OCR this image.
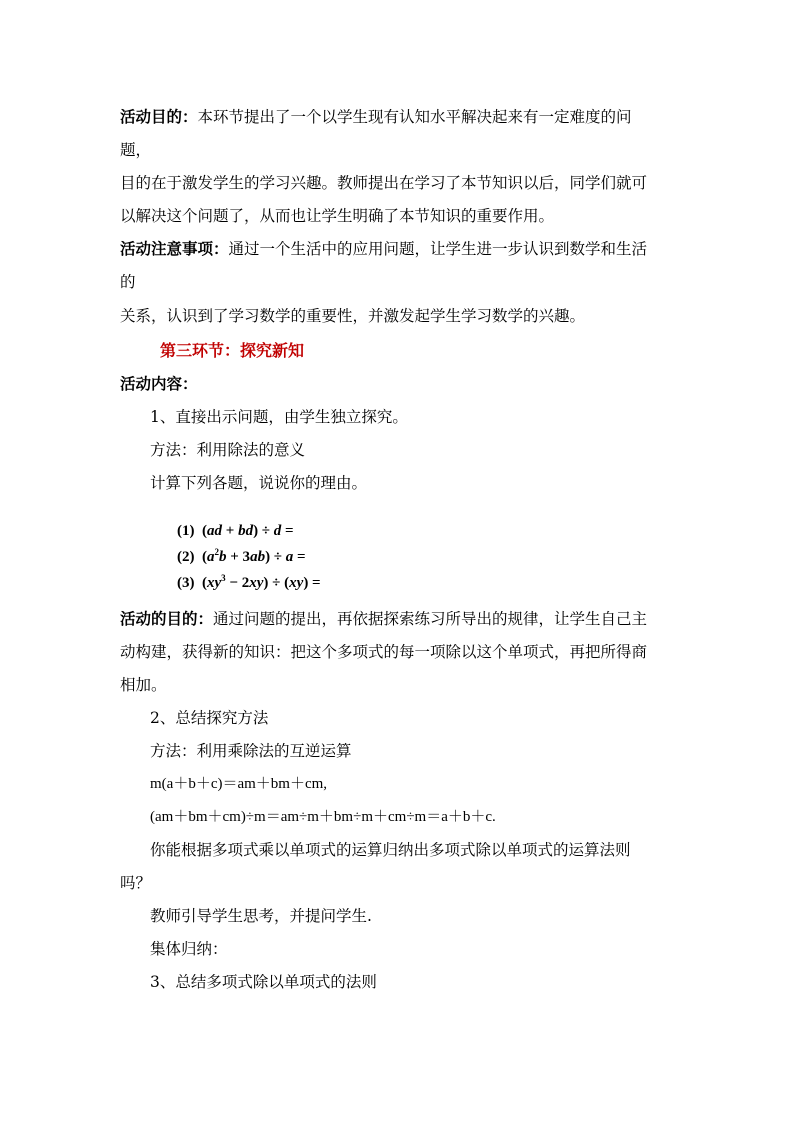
活动目的：本环节提出了一个以学生现有认知水平解决起来有一定难度的问
题，
目的在于激发学生的学习兴趣。教师提出在学习了本节知识以后，同学们就可
以解决这个问题了，从而也让学生明确了本节知识的重要作用。
活动注意事项：通过一个生活中的应用问题，让学生进一步认识到数学和生活
的
关系，认识到了学习数学的重要性，并激发起学生学习数学的兴趣。
第三环节：探究新知
活动内容：
1、直接出示问题，由学生独立探究。
方法：利用除法的意义
计算下列各题，说说你的理由。
(1)  (ad + bd) ÷ d =
(2)  $(a^2b + 3ab) \div a$ =
(3)  $(xy^3 - 2xy) \div (xy)$ =
活动的目的：通过问题的提出，再依据探索练习所导出的规律，让学生自己主
动构建，获得新的知识：把这个多项式的每一项除以这个单项式，再把所得商
相加。
2、总结探究方法
方法：利用乘除法的互逆运算
m(a＋b＋c)＝am＋bm＋cm,
(am＋bm＋cm)÷m＝am÷m＋bm÷m＋cm÷m＝a＋b＋c.
你能根据多项式乘以单项式的运算归纳出多项式除以单项式的运算法则
吗？
教师引导学生思考，并提问学生.
集体归纳：
3、总结多项式除以单项式的法则
